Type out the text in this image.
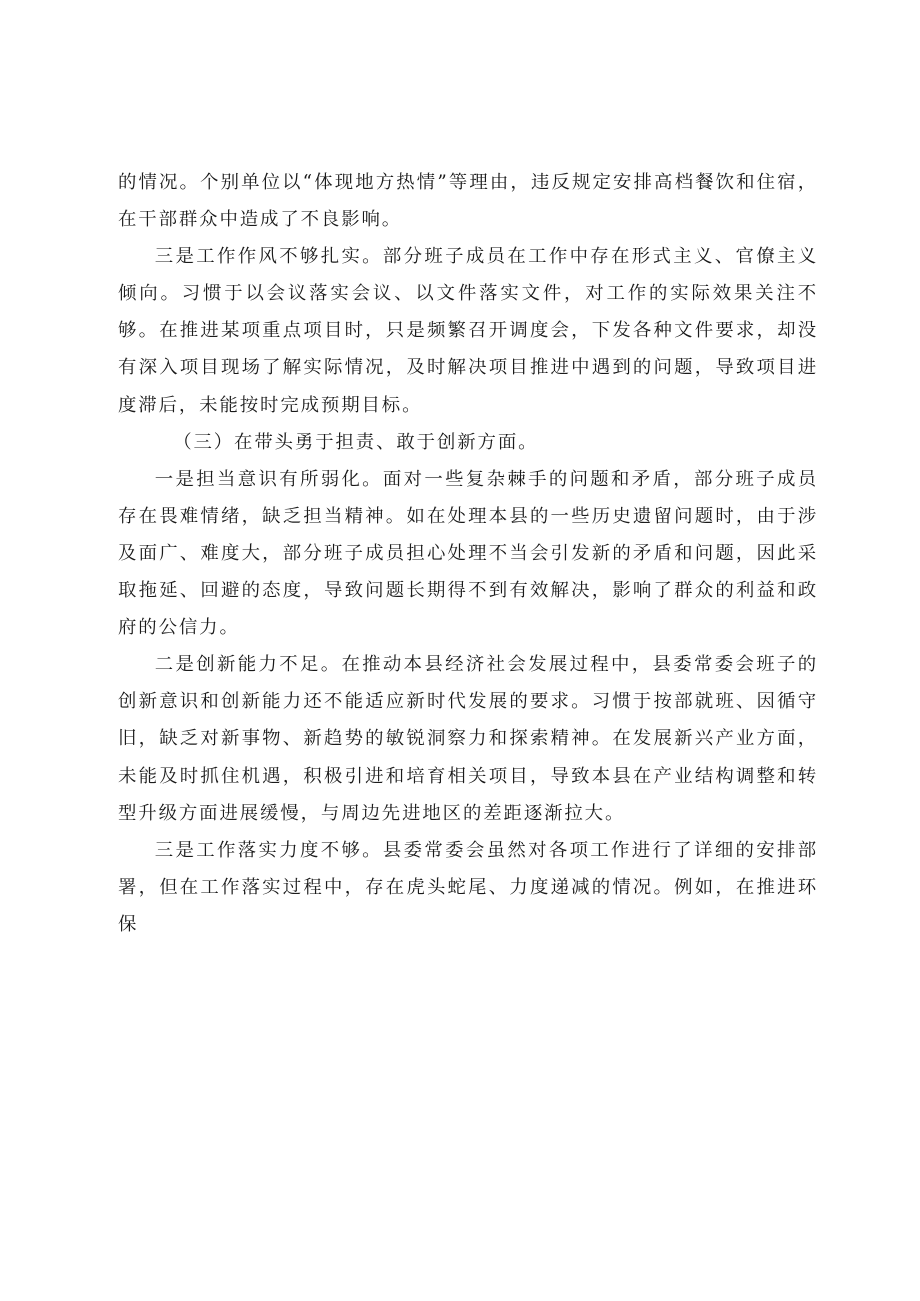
的情况。个别单位以“体现地方热情”等理由，违反规定安排高档餐饮和住宿，在干部群众中造成了不良影响。

三是工作作风不够扎实。部分班子成员在工作中存在形式主义、官僚主义倾向。习惯于以会议落实会议、以文件落实文件，对工作的实际效果关注不够。在推进某项重点项目时，只是频繁召开调度会，下发各种文件要求，却没有深入项目现场了解实际情况，及时解决项目推进中遇到的问题，导致项目进度滞后，未能按时完成预期目标。

（三）在带头勇于担责、敢于创新方面。

一是担当意识有所弱化。面对一些复杂棘手的问题和矛盾，部分班子成员存在畏难情绪，缺乏担当精神。如在处理本县的一些历史遗留问题时，由于涉及面广、难度大，部分班子成员担心处理不当会引发新的矛盾和问题，因此采取拖延、回避的态度，导致问题长期得不到有效解决，影响了群众的利益和政府的公信力。

二是创新能力不足。在推动本县经济社会发展过程中，县委常委会班子的创新意识和创新能力还不能适应新时代发展的要求。习惯于按部就班、因循守旧，缺乏对新事物、新趋势的敏锐洞察力和探索精神。在发展新兴产业方面，未能及时抓住机遇，积极引进和培育相关项目，导致本县在产业结构调整和转型升级方面进展缓慢，与周边先进地区的差距逐渐拉大。

三是工作落实力度不够。县委常委会虽然对各项工作进行了详细的安排部署，但在工作落实过程中，存在虎头蛇尾、力度递减的情况。例如，在推进环保
